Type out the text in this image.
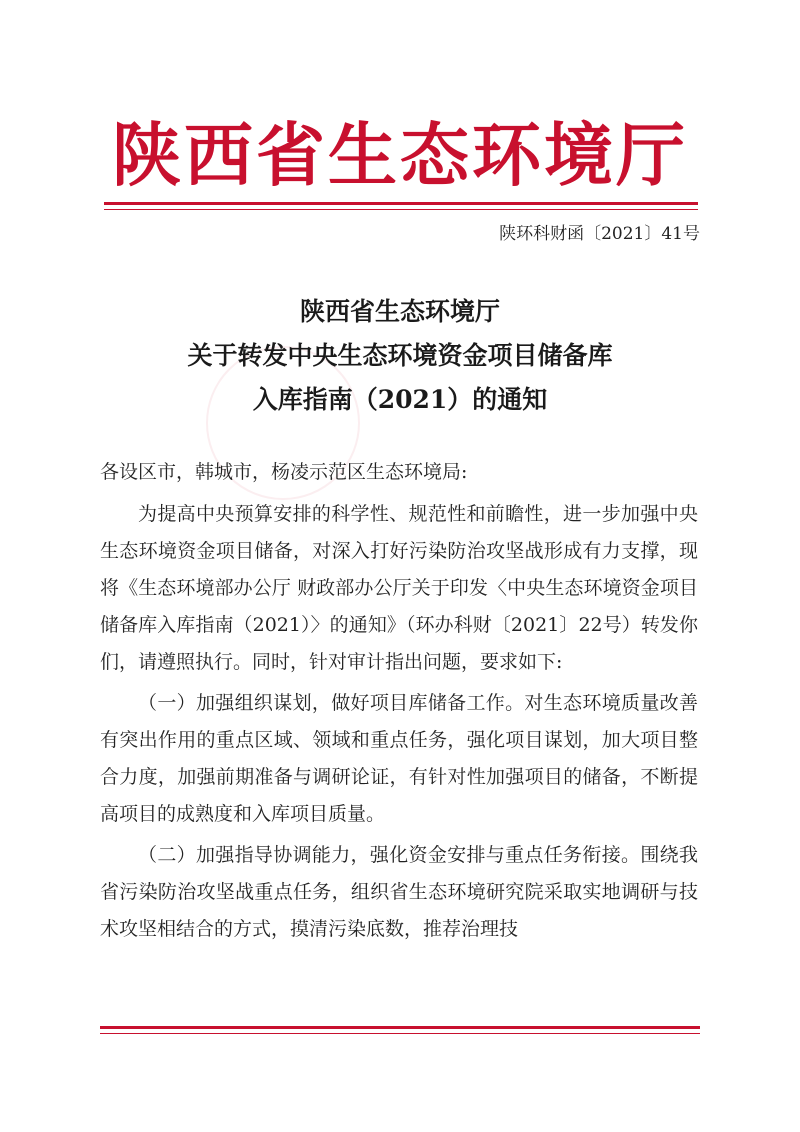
陕西省生态环境厅
陕环科财函〔2021〕41号
陕西省生态环境厅
关于转发中央生态环境资金项目储备库
入库指南（2021）的通知
各设区市，韩城市，杨凌示范区生态环境局:

为提高中央预算安排的科学性、规范性和前瞻性，进一步加强中央生态环境资金项目储备，对深入打好污染防治攻坚战形成有力支撑，现将《生态环境部办公厅 财政部办公厅关于印发〈中央生态环境资金项目储备库入库指南（2021）〉的通知》（环办科财〔2021〕22号）转发你们，请遵照执行。同时，针对审计指出问题，要求如下:

（一）加强组织谋划，做好项目库储备工作。对生态环境质量改善有突出作用的重点区域、领域和重点任务，强化项目谋划，加大项目整合力度，加强前期准备与调研论证，有针对性加强项目的储备，不断提高项目的成熟度和入库项目质量。

（二）加强指导协调能力，强化资金安排与重点任务衔接。围绕我省污染防治攻坚战重点任务，组织省生态环境研究院采取实地调研与技术攻坚相结合的方式，摸清污染底数，推荐治理技
